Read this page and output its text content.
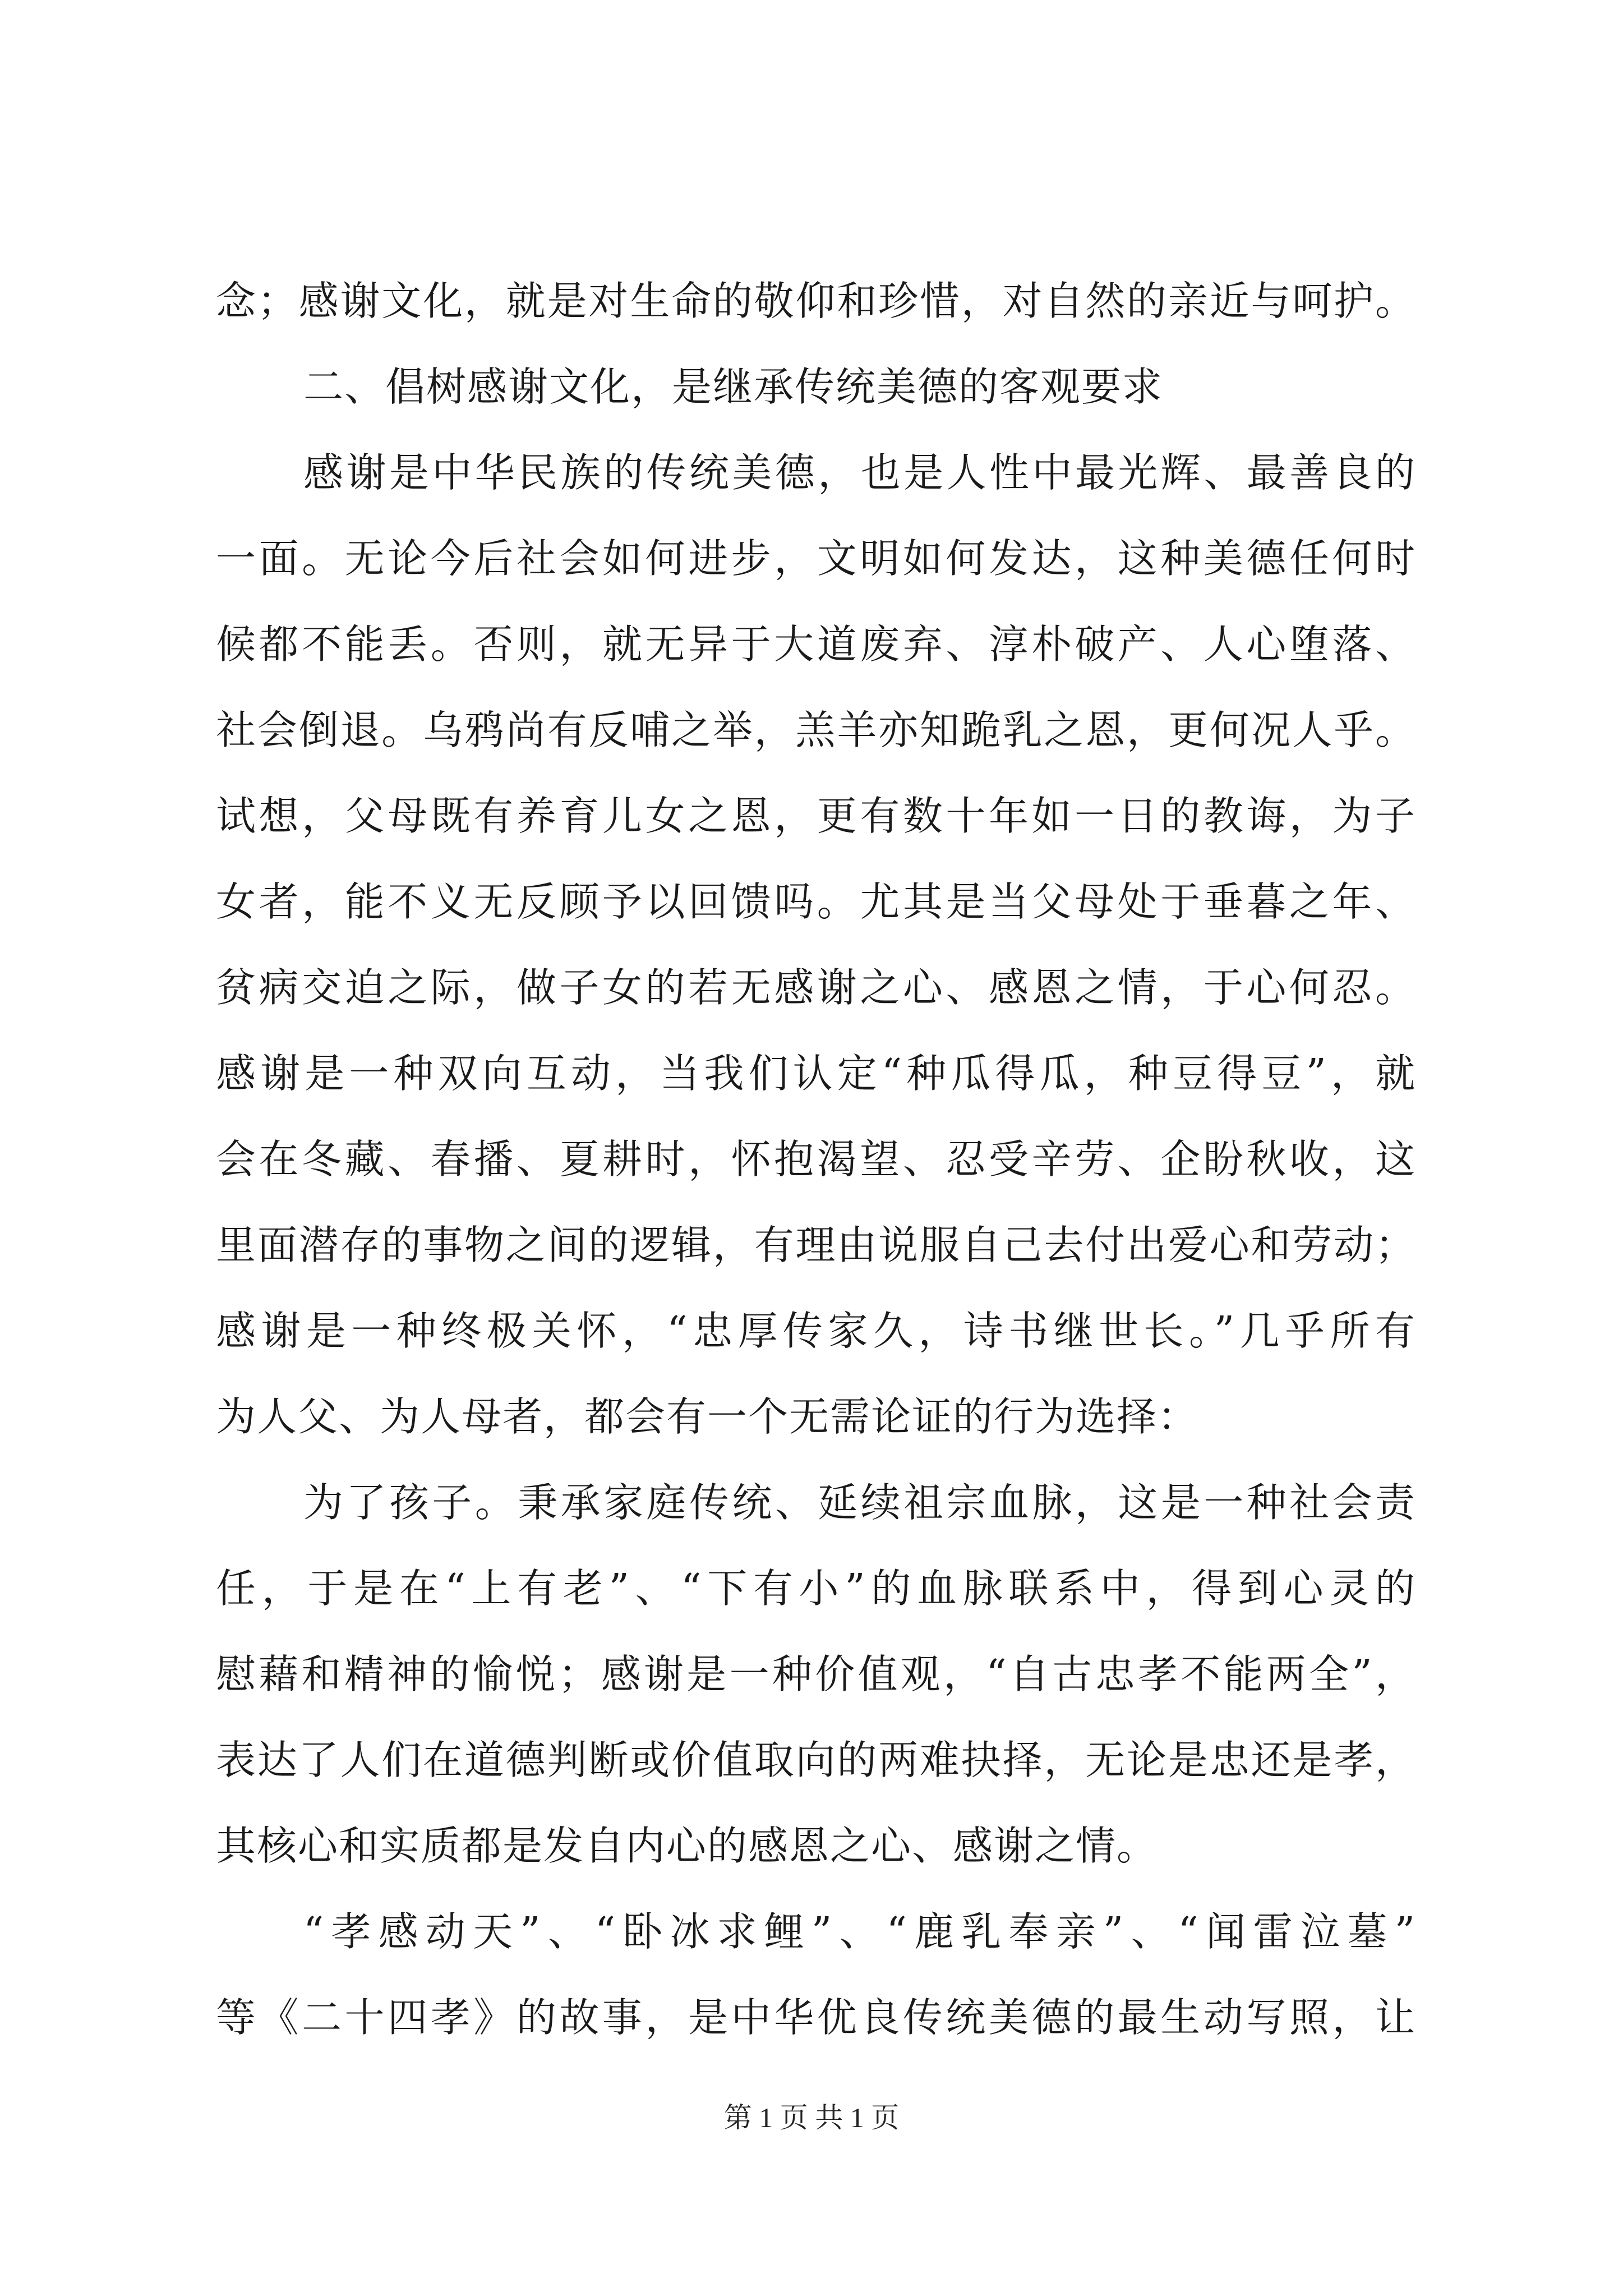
念；感谢文化，就是对生命的敬仰和珍惜，对自然的亲近与呵护。
二、倡树感谢文化，是继承传统美德的客观要求
感谢是中华民族的传统美德，也是人性中最光辉、最善良的
一面。无论今后社会如何进步，文明如何发达，这种美德任何时
候都不能丢。否则，就无异于大道废弃、淳朴破产、人心堕落、
社会倒退。乌鸦尚有反哺之举，羔羊亦知跪乳之恩，更何况人乎。
试想，父母既有养育儿女之恩，更有数十年如一日的教诲，为子
女者，能不义无反顾予以回馈吗。尤其是当父母处于垂暮之年、
贫病交迫之际，做子女的若无感谢之心、感恩之情，于心何忍。
感谢是一种双向互动，当我们认定“种瓜得瓜，种豆得豆”，就
会在冬藏、春播、夏耕时，怀抱渴望、忍受辛劳、企盼秋收，这
里面潜存的事物之间的逻辑，有理由说服自己去付出爱心和劳动；
感谢是一种终极关怀，“忠厚传家久，诗书继世长。”几乎所有
为人父、为人母者，都会有一个无需论证的行为选择：
为了孩子。秉承家庭传统、延续祖宗血脉，这是一种社会责
任，于是在“上有老”、“下有小”的血脉联系中，得到心灵的
慰藉和精神的愉悦；感谢是一种价值观，“自古忠孝不能两全”，
表达了人们在道德判断或价值取向的两难抉择，无论是忠还是孝，
其核心和实质都是发自内心的感恩之心、感谢之情。
“孝感动天”、“卧冰求鲤”、“鹿乳奉亲”、“闻雷泣墓”
等《二十四孝》的故事，是中华优良传统美德的最生动写照，让
第 1 页 共 1 页
